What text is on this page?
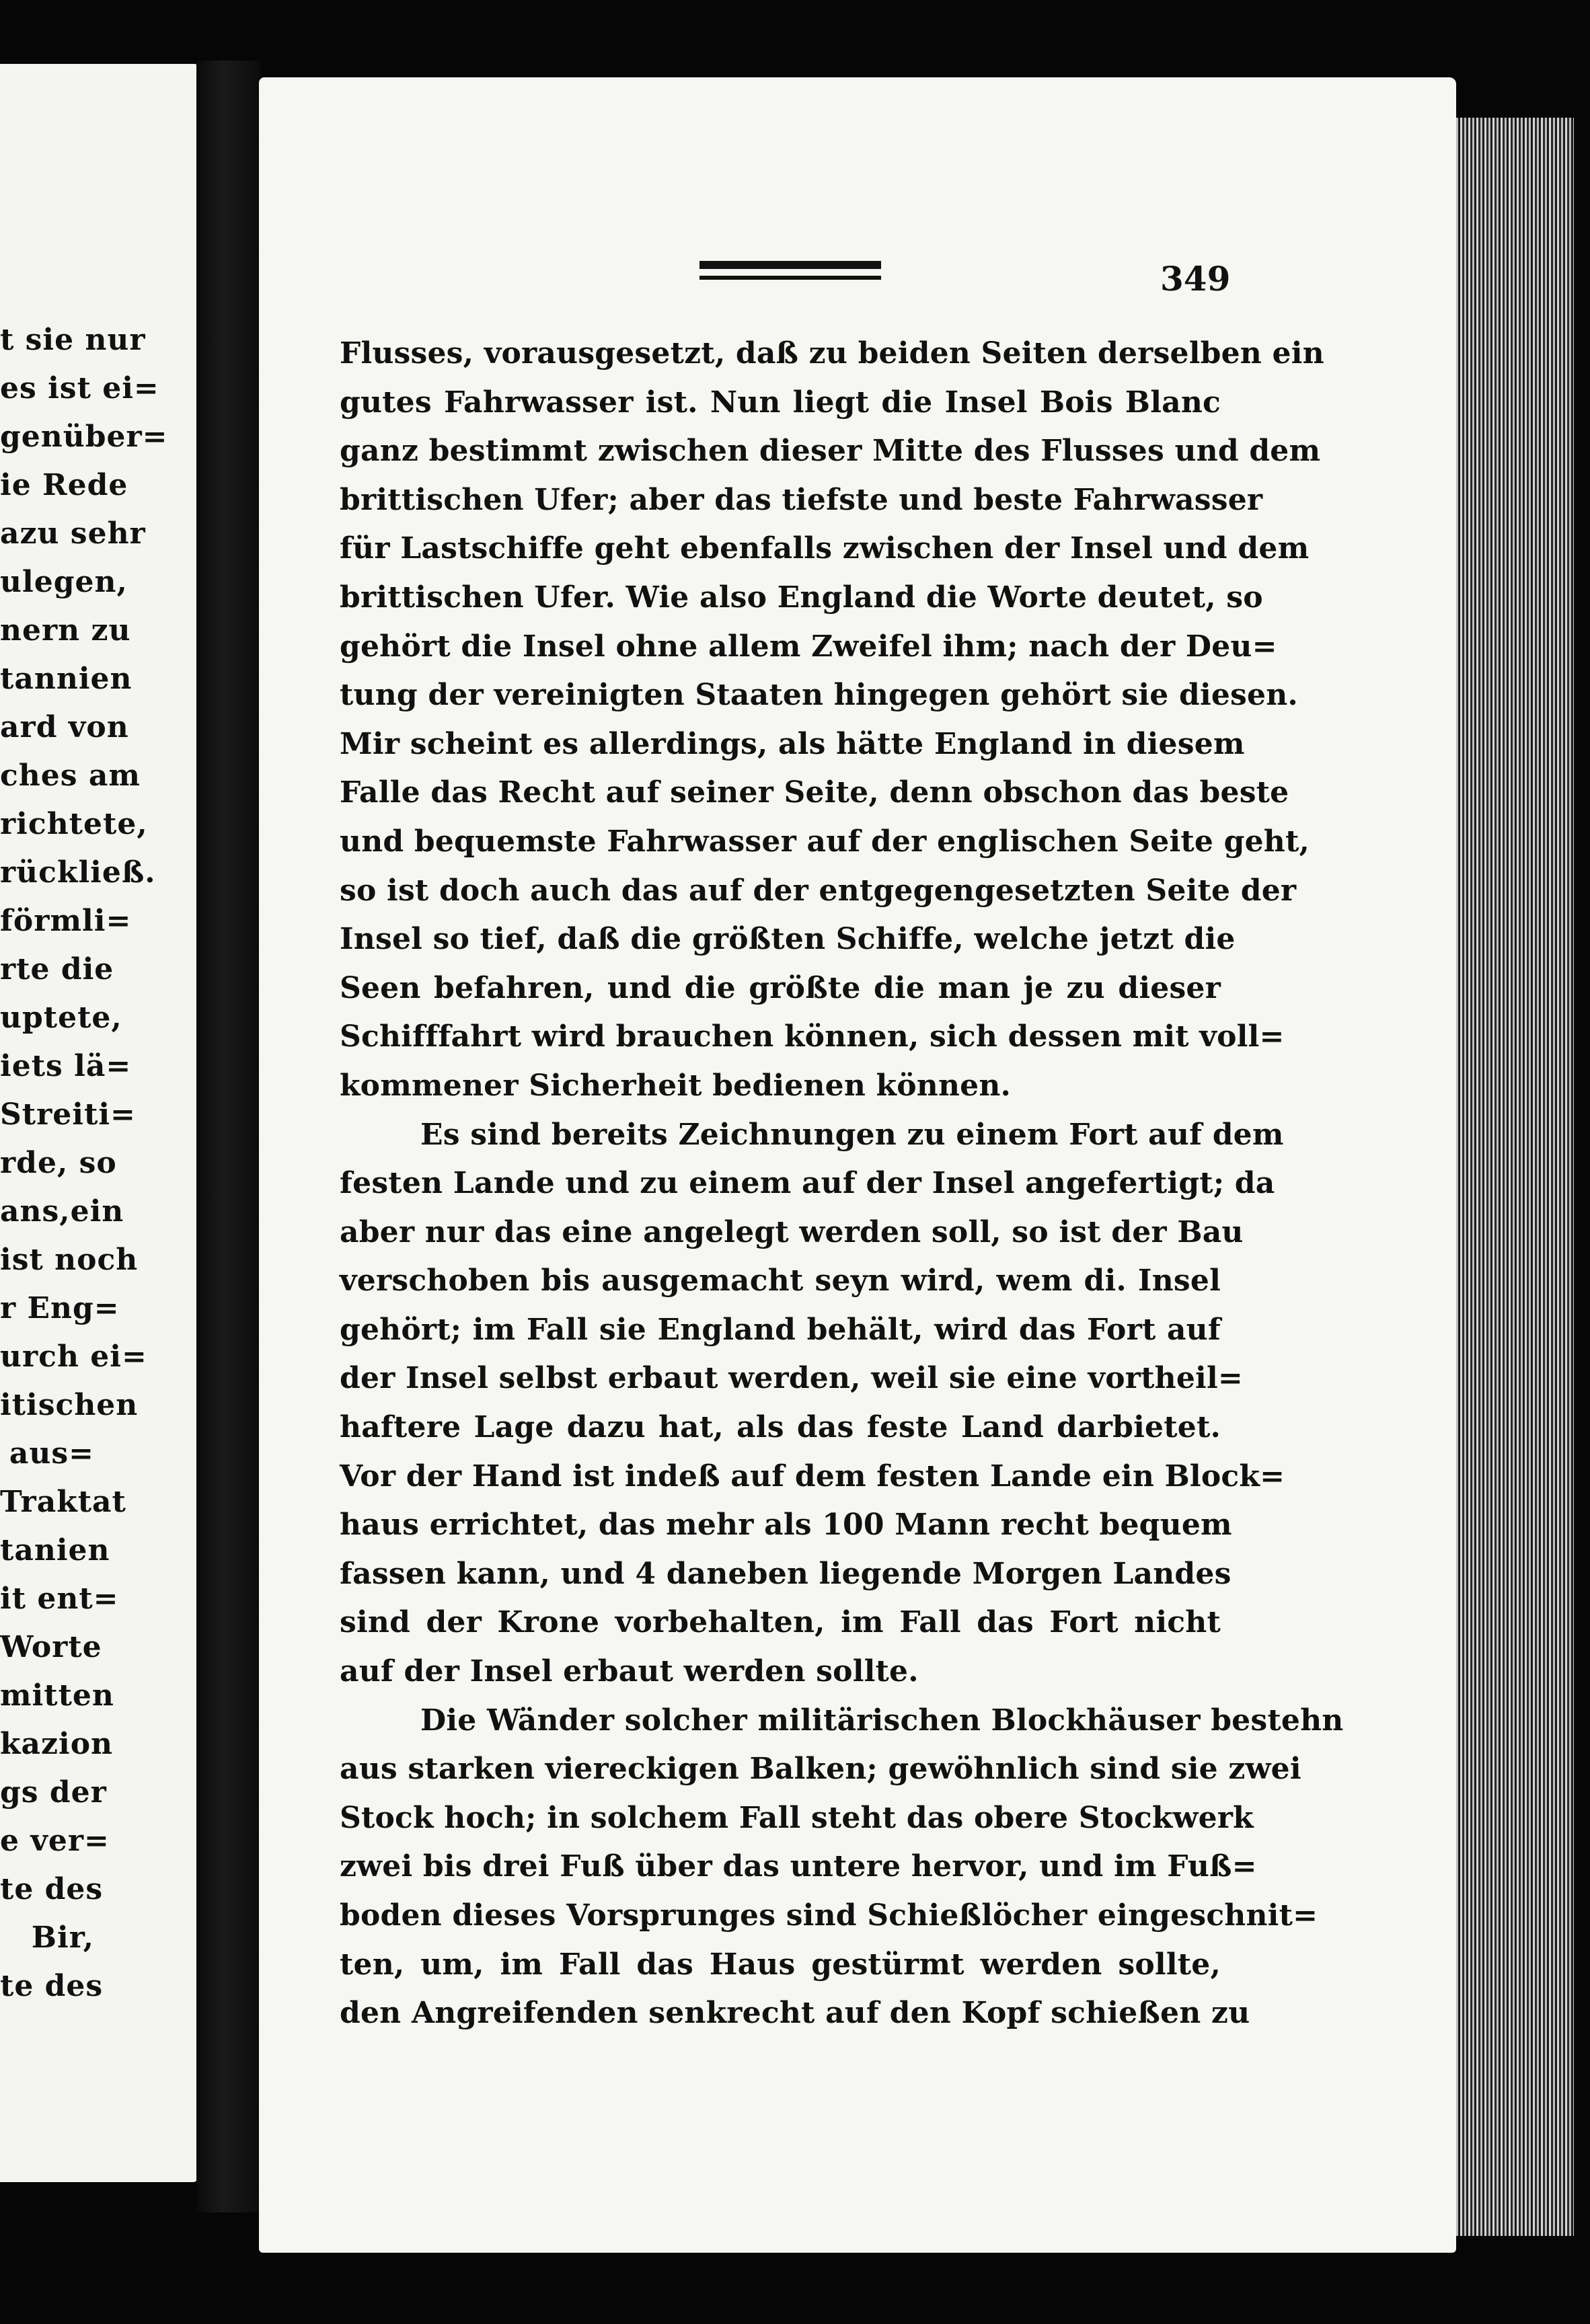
t sie nur
es ist ei=
genüber=
ie Rede
azu sehr
ulegen,
nern zu
tannien
ard von
ches am
richtete,
rückließ.
förmli=
rte die
uptete,
iets lä=
Streiti=
rde, so
ans,ein
ist noch
r Eng=
urch ei=
itischen
aus=
Traktat
tanien
it ent=
Worte
mitten
kazion
gs der
e ver=
te des
Bir,
te des
349
Flusses, vorausgesetzt, daß zu beiden Seiten derselben ein
gutes Fahrwasser ist. Nun liegt die Insel Bois Blanc
ganz bestimmt zwischen dieser Mitte des Flusses und dem
brittischen Ufer; aber das tiefste und beste Fahrwasser
für Lastschiffe geht ebenfalls zwischen der Insel und dem
brittischen Ufer. Wie also England die Worte deutet, so
gehört die Insel ohne allem Zweifel ihm; nach der Deu=
tung der vereinigten Staaten hingegen gehört sie diesen.
Mir scheint es allerdings, als hätte England in diesem
Falle das Recht auf seiner Seite, denn obschon das beste
und bequemste Fahrwasser auf der englischen Seite geht,
so ist doch auch das auf der entgegengesetzten Seite der
Insel so tief, daß die größten Schiffe, welche jetzt die
Seen befahren, und die größte die man je zu dieser
Schifffahrt wird brauchen können, sich dessen mit voll=
kommener Sicherheit bedienen können.
Es sind bereits Zeichnungen zu einem Fort auf dem
festen Lande und zu einem auf der Insel angefertigt; da
aber nur das eine angelegt werden soll, so ist der Bau
verschoben bis ausgemacht seyn wird, wem di. Insel
gehört; im Fall sie England behält, wird das Fort auf
der Insel selbst erbaut werden, weil sie eine vortheil=
haftere Lage dazu hat, als das feste Land darbietet.
Vor der Hand ist indeß auf dem festen Lande ein Block=
haus errichtet, das mehr als 100 Mann recht bequem
fassen kann, und 4 daneben liegende Morgen Landes
sind der Krone vorbehalten, im Fall das Fort nicht
auf der Insel erbaut werden sollte.
Die Wänder solcher militärischen Blockhäuser bestehn
aus starken viereckigen Balken; gewöhnlich sind sie zwei
Stock hoch; in solchem Fall steht das obere Stockwerk
zwei bis drei Fuß über das untere hervor, und im Fuß=
boden dieses Vorsprunges sind Schießlöcher eingeschnit=
ten, um, im Fall das Haus gestürmt werden sollte,
den Angreifenden senkrecht auf den Kopf schießen zu
